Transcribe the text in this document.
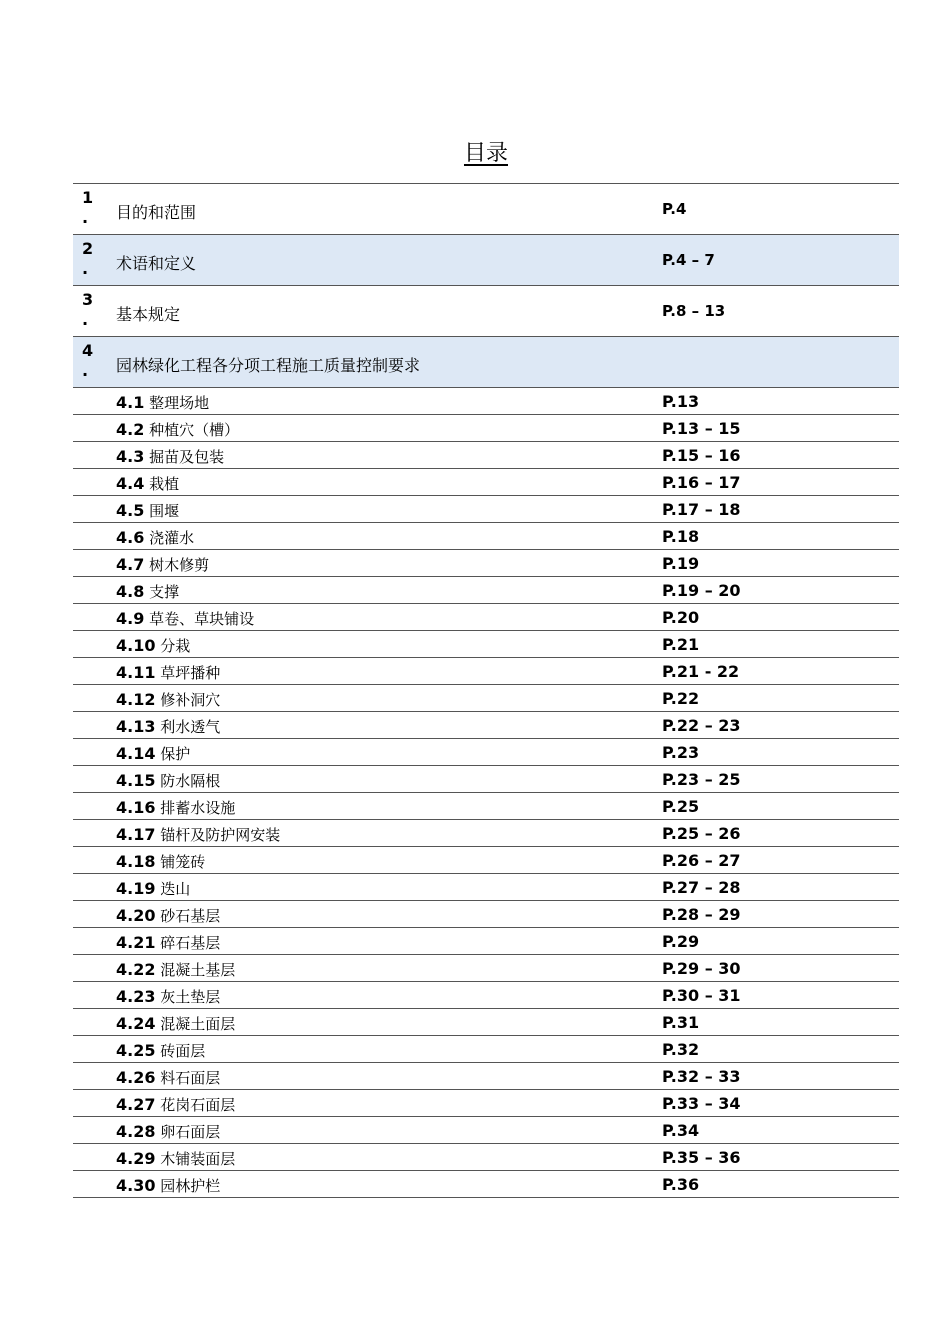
目录
1
.	目的和范围	P.4
2
.	术语和定义	P.4 – 7
3
.	基本规定	P.8 – 13
4
.	园林绿化工程各分项工程施工质量控制要求
4.1 整理场地	P.13
4.2 种植穴（槽）	P.13 – 15
4.3 掘苗及包装	P.15 – 16
4.4 栽植	P.16 – 17
4.5 围堰	P.17 – 18
4.6 浇灌水	P.18
4.7 树木修剪	P.19
4.8 支撑	P.19 – 20
4.9 草卷、草块铺设	P.20
4.10 分栽	P.21
4.11 草坪播种	P.21 - 22
4.12 修补洞穴	P.22
4.13 利水透气	P.22 – 23
4.14 保护	P.23
4.15 防水隔根	P.23 – 25
4.16 排蓄水设施	P.25
4.17 锚杆及防护网安装	P.25 – 26
4.18 铺笼砖	P.26 – 27
4.19 迭山	P.27 – 28
4.20 砂石基层	P.28 – 29
4.21 碎石基层	P.29
4.22 混凝土基层	P.29 – 30
4.23 灰土垫层	P.30 – 31
4.24 混凝土面层	P.31
4.25 砖面层	P.32
4.26 料石面层	P.32 – 33
4.27 花岗石面层	P.33 – 34
4.28 卵石面层	P.34
4.29 木铺装面层	P.35 – 36
4.30 园林护栏	P.36
